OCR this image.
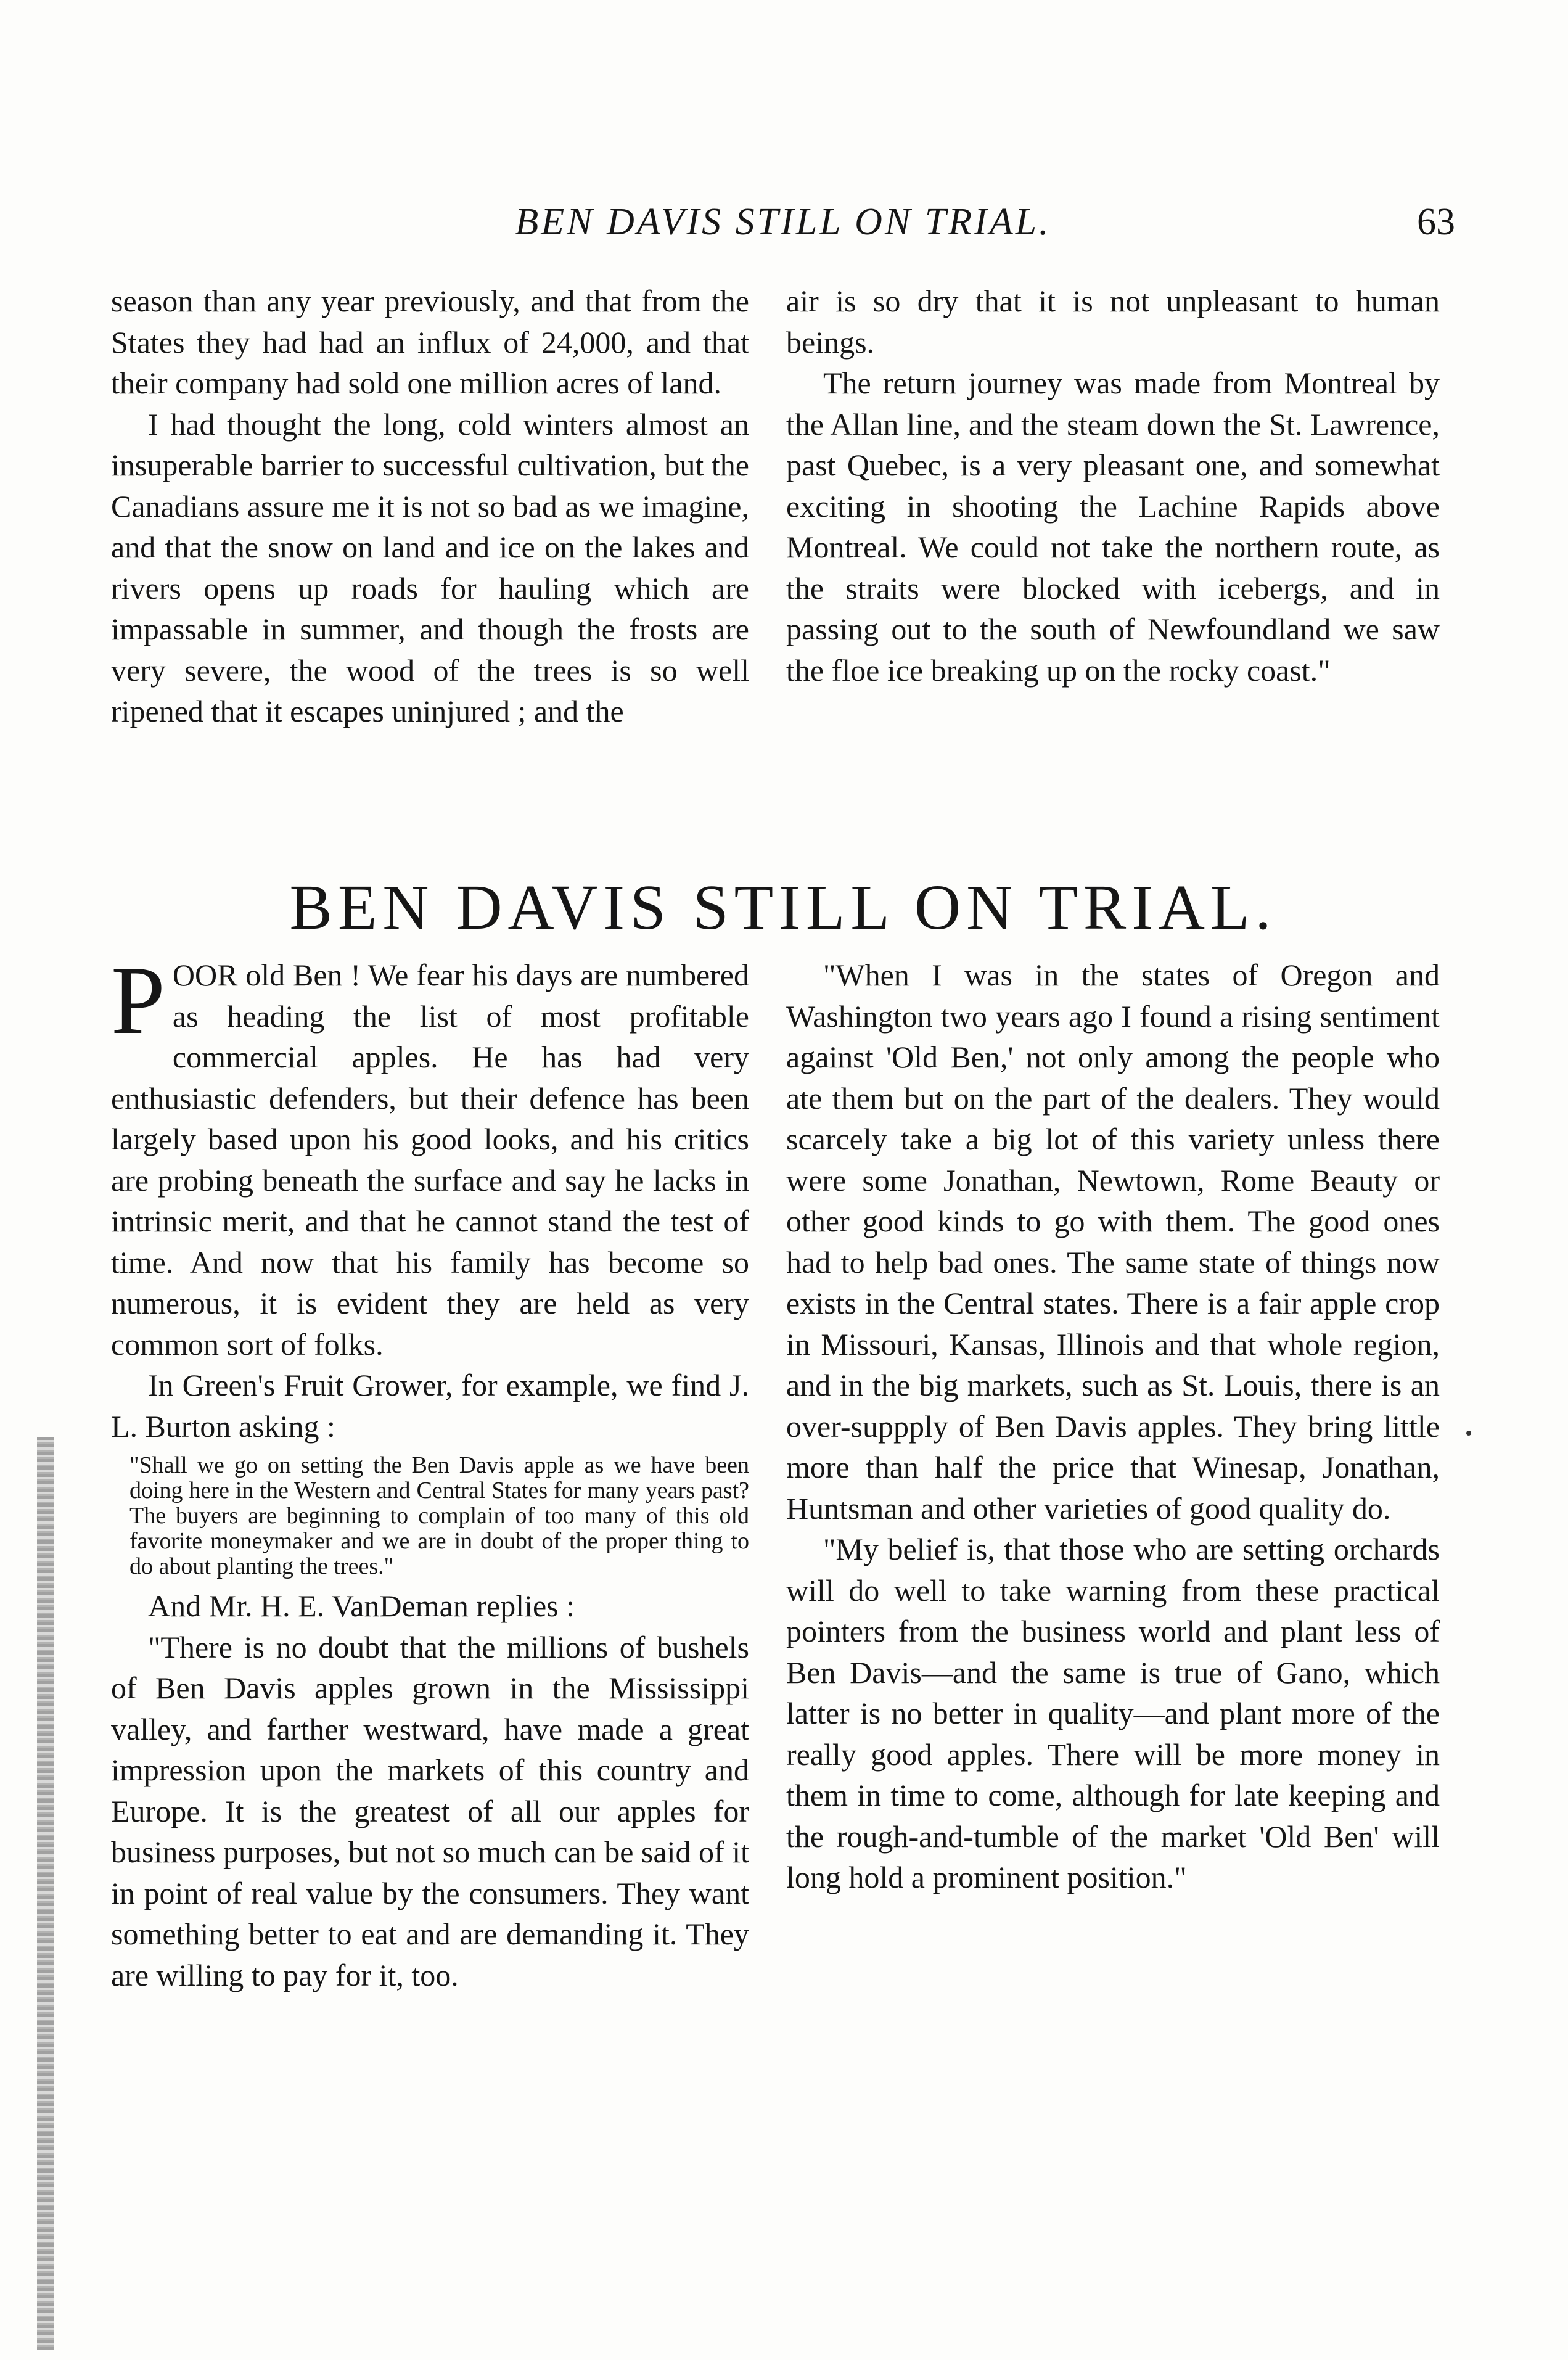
BEN DAVIS STILL ON TRIAL.	63

season than any year previously, and that from the States they had had an influx of 24,000, and that their company had sold one million acres of land.

I had thought the long, cold winters almost an insuperable barrier to successful cultivation, but the Canadians assure me it is not so bad as we imagine, and that the snow on land and ice on the lakes and rivers opens up roads for hauling which are impassable in summer, and though the frosts are very severe, the wood of the trees is so well ripened that it escapes uninjured ; and the

air is so dry that it is not unpleasant to human beings.

The return journey was made from Montreal by the Allan line, and the steam down the St. Lawrence, past Quebec, is a very pleasant one, and somewhat exciting in shooting the Lachine Rapids above Montreal. We could not take the northern route, as the straits were blocked with icebergs, and in passing out to the south of Newfoundland we saw the floe ice breaking up on the rocky coast."

BEN DAVIS STILL ON TRIAL.

POOR old Ben ! We fear his days are numbered as heading the list of most profitable commercial apples. He has had very enthusiastic defenders, but their defence has been largely based upon his good looks, and his critics are probing beneath the surface and say he lacks in intrinsic merit, and that he cannot stand the test of time. And now that his family has become so numerous, it is evident they are held as very common sort of folks.

In Green's Fruit Grower, for example, we find J. L. Burton asking :

"Shall we go on setting the Ben Davis apple as we have been doing here in the Western and Central States for many years past? The buyers are beginning to complain of too many of this old favorite moneymaker and we are in doubt of the proper thing to do about planting the trees."

And Mr. H. E. VanDeman replies :

"There is no doubt that the millions of bushels of Ben Davis apples grown in the Mississippi valley, and farther westward, have made a great impression upon the markets of this country and Europe. It is the greatest of all our apples for business purposes, but not so much can be said of it in point of real value by the consumers. They want something better to eat and are demanding it. They are willing to pay for it, too.

"When I was in the states of Oregon and Washington two years ago I found a rising sentiment against 'Old Ben,' not only among the people who ate them but on the part of the dealers. They would scarcely take a big lot of this variety unless there were some Jonathan, Newtown, Rome Beauty or other good kinds to go with them. The good ones had to help bad ones. The same state of things now exists in the Central states. There is a fair apple crop in Missouri, Kansas, Illinois and that whole region, and in the big markets, such as St. Louis, there is an over-suppply of Ben Davis apples. They bring little more than half the price that Winesap, Jonathan, Huntsman and other varieties of good quality do.

"My belief is, that those who are setting orchards will do well to take warning from these practical pointers from the business world and plant less of Ben Davis—and the same is true of Gano, which latter is no better in quality—and plant more of the really good apples. There will be more money in them in time to come, although for late keeping and the rough-and-tumble of the market 'Old Ben' will long hold a prominent position."
